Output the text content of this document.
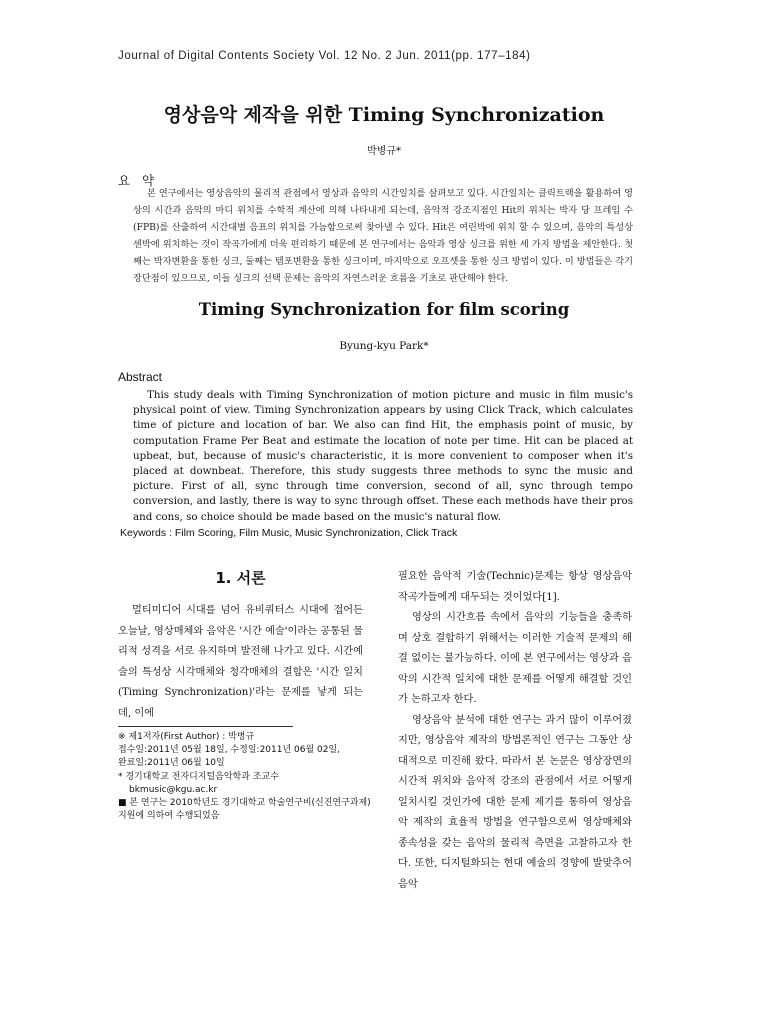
Journal of Digital Contents Society Vol. 12 No. 2 Jun. 2011(pp. 177–184)
영상음악 제작을 위한 Timing Synchronization
박병규*
요 약
본 연구에서는 영상음악의 물리적 관점에서 영상과 음악의 시간일치를 살펴보고 있다. 시간일치는 클릭트랙을 활용하여 영상의 시간과 음악의 마디 위치를 수학적 계산에 의해 나타내게 되는데, 음악적 강조지점인 Hit의 위치는 박자 당 프레임 수(FPB)를 산출하여 시간대별 음표의 위치를 가늠함으로써 찾아낼 수 있다. Hit은 여린박에 위치 할 수 있으며, 음악의 특성상 센박에 위치하는 것이 작곡가에게 더욱 편리하기 때문에 본 연구에서는 음악과 영상 싱크를 위한 세 가지 방법을 제안한다. 첫째는 박자변환을 통한 싱크, 둘째는 템포변환을 통한 싱크이며, 마지막으로 오프셋을 통한 싱크 방법이 있다. 이 방법들은 각기 장단점이 있으므로, 이들 싱크의 선택 문제는 음악의 자연스러운 흐름을 기초로 판단해야 한다.
Timing Synchronization for film scoring
Byung-kyu Park*
Abstract
This study deals with Timing Synchronization of motion picture and music in film music's physical point of view. Timing Synchronization appears by using Click Track, which calculates time of picture and location of bar. We also can find Hit, the emphasis point of music, by computation Frame Per Beat and estimate the location of note per time. Hit can be placed at upbeat, but, because of music's characteristic, it is more convenient to composer when it's placed at downbeat. Therefore, this study suggests three methods to sync the music and picture. First of all, sync through time conversion, second of all, sync through tempo conversion, and lastly, there is way to sync through offset. These each methods have their pros and cons, so choice should be made based on the music's natural flow.
Keywords : Film Scoring, Film Music, Music Synchronization, Click Track
1. 서론
멀티미디어 시대를 넘어 유비쿼터스 시대에 접어든 오늘날, 영상매체와 음악은 '시간 예술'이라는 공통된 물리적 성격을 서로 유지하며 발전해 나가고 있다. 시간예술의 특성상 시각매체와 청각매체의 결합은 '시간 일치(Timing Synchronization)'라는 문제를 낳게 되는데, 이에

※ 제1저자(First Author) : 박병규

접수일:2011년 05월 18일, 수정일:2011년 06월 02일,

완료일:2011년 06월 10일

* 경기대학교 전자디지털음악학과 조교수

bkmusic@kgu.ac.kr

■ 본 연구는 2010학년도 경기대학교 학술연구비(신진연구과제) 지원에 의하여 수행되었음

필요한 음악적 기술(Technic)문제는 항상 영상음악 작곡가들에게 대두되는 것이었다[1].

영상의 시간흐름 속에서 음악의 기능들을 충족하며 상호 결합하기 위해서는 이러한 기술적 문제의 해결 없이는 불가능하다. 이에 본 연구에서는 영상과 음악의 시간적 일치에 대한 문제를 어떻게 해결할 것인가 논하고자 한다.

영상음악 분석에 대한 연구는 과거 많이 이루어졌지만, 영상음악 제작의 방법론적인 연구는 그동안 상대적으로 미진해 왔다. 따라서 본 논문은 영상장면의 시간적 위치와 음악적 강조의 관점에서 서로 어떻게 일치시킬 것인가에 대한 문제 제기를 통하여 영상음악 제작의 효율적 방법을 연구함으로써 영상매체와 종속성을 갖는 음악의 물리적 측면을 고찰하고자 한다. 또한, 디지털화되는 현대 예술의 경향에 발맞추어 음악
